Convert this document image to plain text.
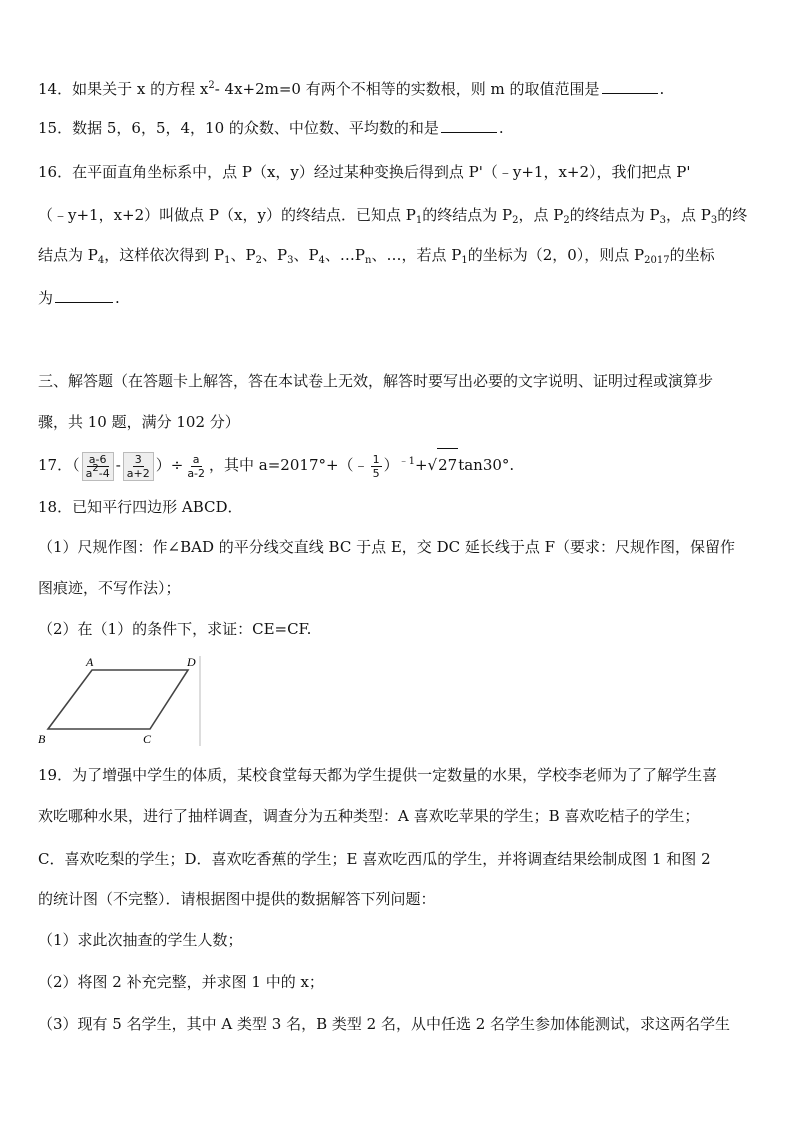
14．如果关于 x 的方程 $x^2-$ 4x+2m=0 有两个不相等的实数根，则 m 的取值范围是	.
15．数据 5，6，5，4，10 的众数、中位数、平均数的和是	.
16．在平面直角坐标系中，点 P（x，y）经过某种变换后得到点 P'（﹣y+1，x+2），我们把点 P'
（﹣y+1，x+2）叫做点 P（x，y）的终结点．已知点 $P_1$的终结点为 $P_2$，点 $P_2$的终结点为 $P_3$，点 $P_3$的终
结点为 $P_4$，这样依次得到 $P_1$、$P_2$、$P_3$、$P_4$、$\dots P_n$、…，若点 $P_1$的坐标为（2，0），则点 $P_{2017}$的坐标
为	.
三、解答题（在答题卡上解答，答在本试卷上无效，解答时要写出必要的文字说明、证明过程或演算步
骤，共 10 题，满分 102 分）
17．（ $\frac{a-6}{a^2-4} - \frac{3}{a+2}$ ）÷ $\frac{a}{a-2}$ ，其中 a=2017°+（﹣ $\frac{1}{5} )^{﹣1}+√27\tan 30^\circ$.
18．已知平行四边形 ABCD．
（1）尺规作图：作∠BAD 的平分线交直线 BC 于点 E，交 DC 延长线于点 F（要求：尺规作图，保留作
图痕迹，不写作法）；
（2）在（1）的条件下，求证：CE=CF.
A	D
B	C
19．为了增强中学生的体质，某校食堂每天都为学生提供一定数量的水果，学校李老师为了了解学生喜
欢吃哪种水果，进行了抽样调查，调查分为五种类型：A 喜欢吃苹果的学生；B 喜欢吃桔子的学生；
C．喜欢吃梨的学生；D．喜欢吃香蕉的学生；E 喜欢吃西瓜的学生，并将调查结果绘制成图 1 和图 2
的统计图（不完整）．请根据图中提供的数据解答下列问题：
（1）求此次抽查的学生人数；
（2）将图 2 补充完整，并求图 1 中的 x；
（3）现有 5 名学生，其中 A 类型 3 名，B 类型 2 名，从中任选 2 名学生参加体能测试，求这两名学生
